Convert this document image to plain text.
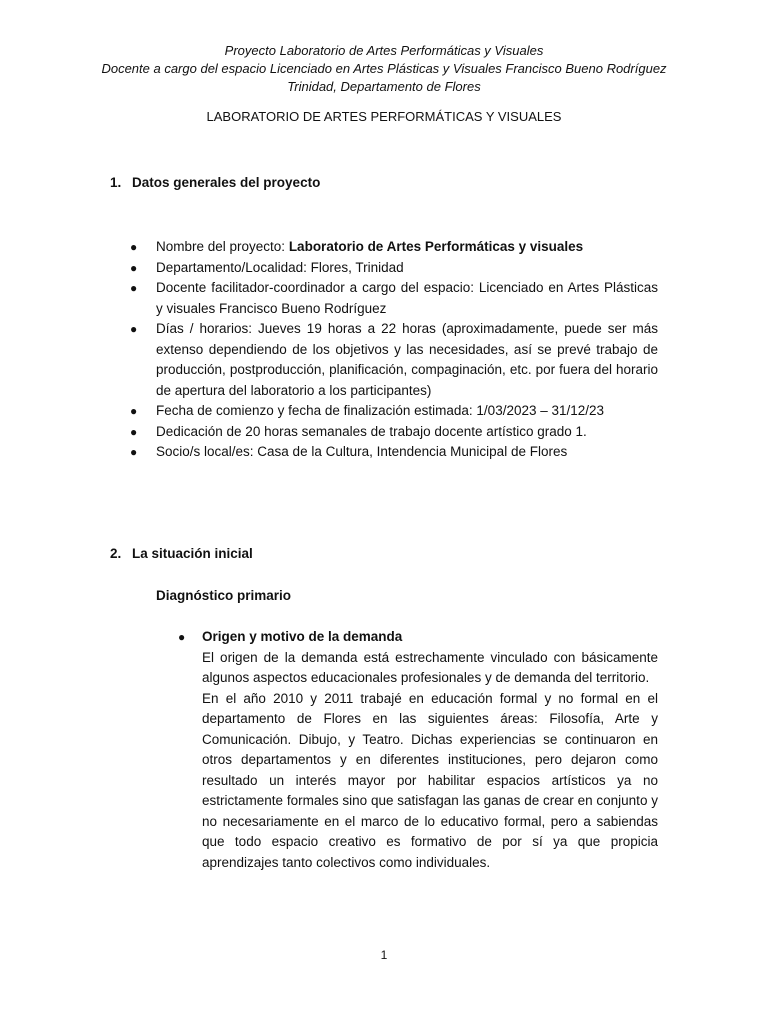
Proyecto Laboratorio de Artes Performáticas y Visuales
Docente a cargo del espacio Licenciado en Artes Plásticas y Visuales Francisco Bueno Rodríguez
Trinidad, Departamento de Flores
LABORATORIO DE ARTES PERFORMÁTICAS Y VISUALES
1. Datos generales del proyecto
● Nombre del proyecto: Laboratorio de Artes Performáticas y visuales
● Departamento/Localidad: Flores, Trinidad
● Docente facilitador-coordinador a cargo del espacio: Licenciado en Artes Plásticas y visuales Francisco Bueno Rodríguez
● Días / horarios: Jueves 19 horas a 22 horas (aproximadamente, puede ser más extenso dependiendo de los objetivos y las necesidades, así se prevé trabajo de producción, postproducción, planificación, compaginación, etc. por fuera del horario de apertura del laboratorio a los participantes)
● Fecha de comienzo y fecha de finalización estimada: 1/03/2023 – 31/12/23
● Dedicación de 20 horas semanales de trabajo docente artístico grado 1.
● Socio/s local/es: Casa de la Cultura, Intendencia Municipal de Flores
2. La situación inicial
Diagnóstico primario
●	Origen y motivo de la demanda

El origen de la demanda está estrechamente vinculado con básicamente algunos aspectos educacionales profesionales y de demanda del territorio.

En el año 2010 y 2011 trabajé en educación formal y no formal en el departamento de Flores en las siguientes áreas: Filosofía, Arte y Comunicación. Dibujo, y Teatro. Dichas experiencias se continuaron en otros departamentos y en diferentes instituciones, pero dejaron como resultado un interés mayor por habilitar espacios artísticos ya no estrictamente formales sino que satisfagan las ganas de crear en conjunto y no necesariamente en el marco de lo educativo formal, pero a sabiendas que todo espacio creativo es formativo de por sí ya que propicia aprendizajes tanto colectivos como individuales.

1
